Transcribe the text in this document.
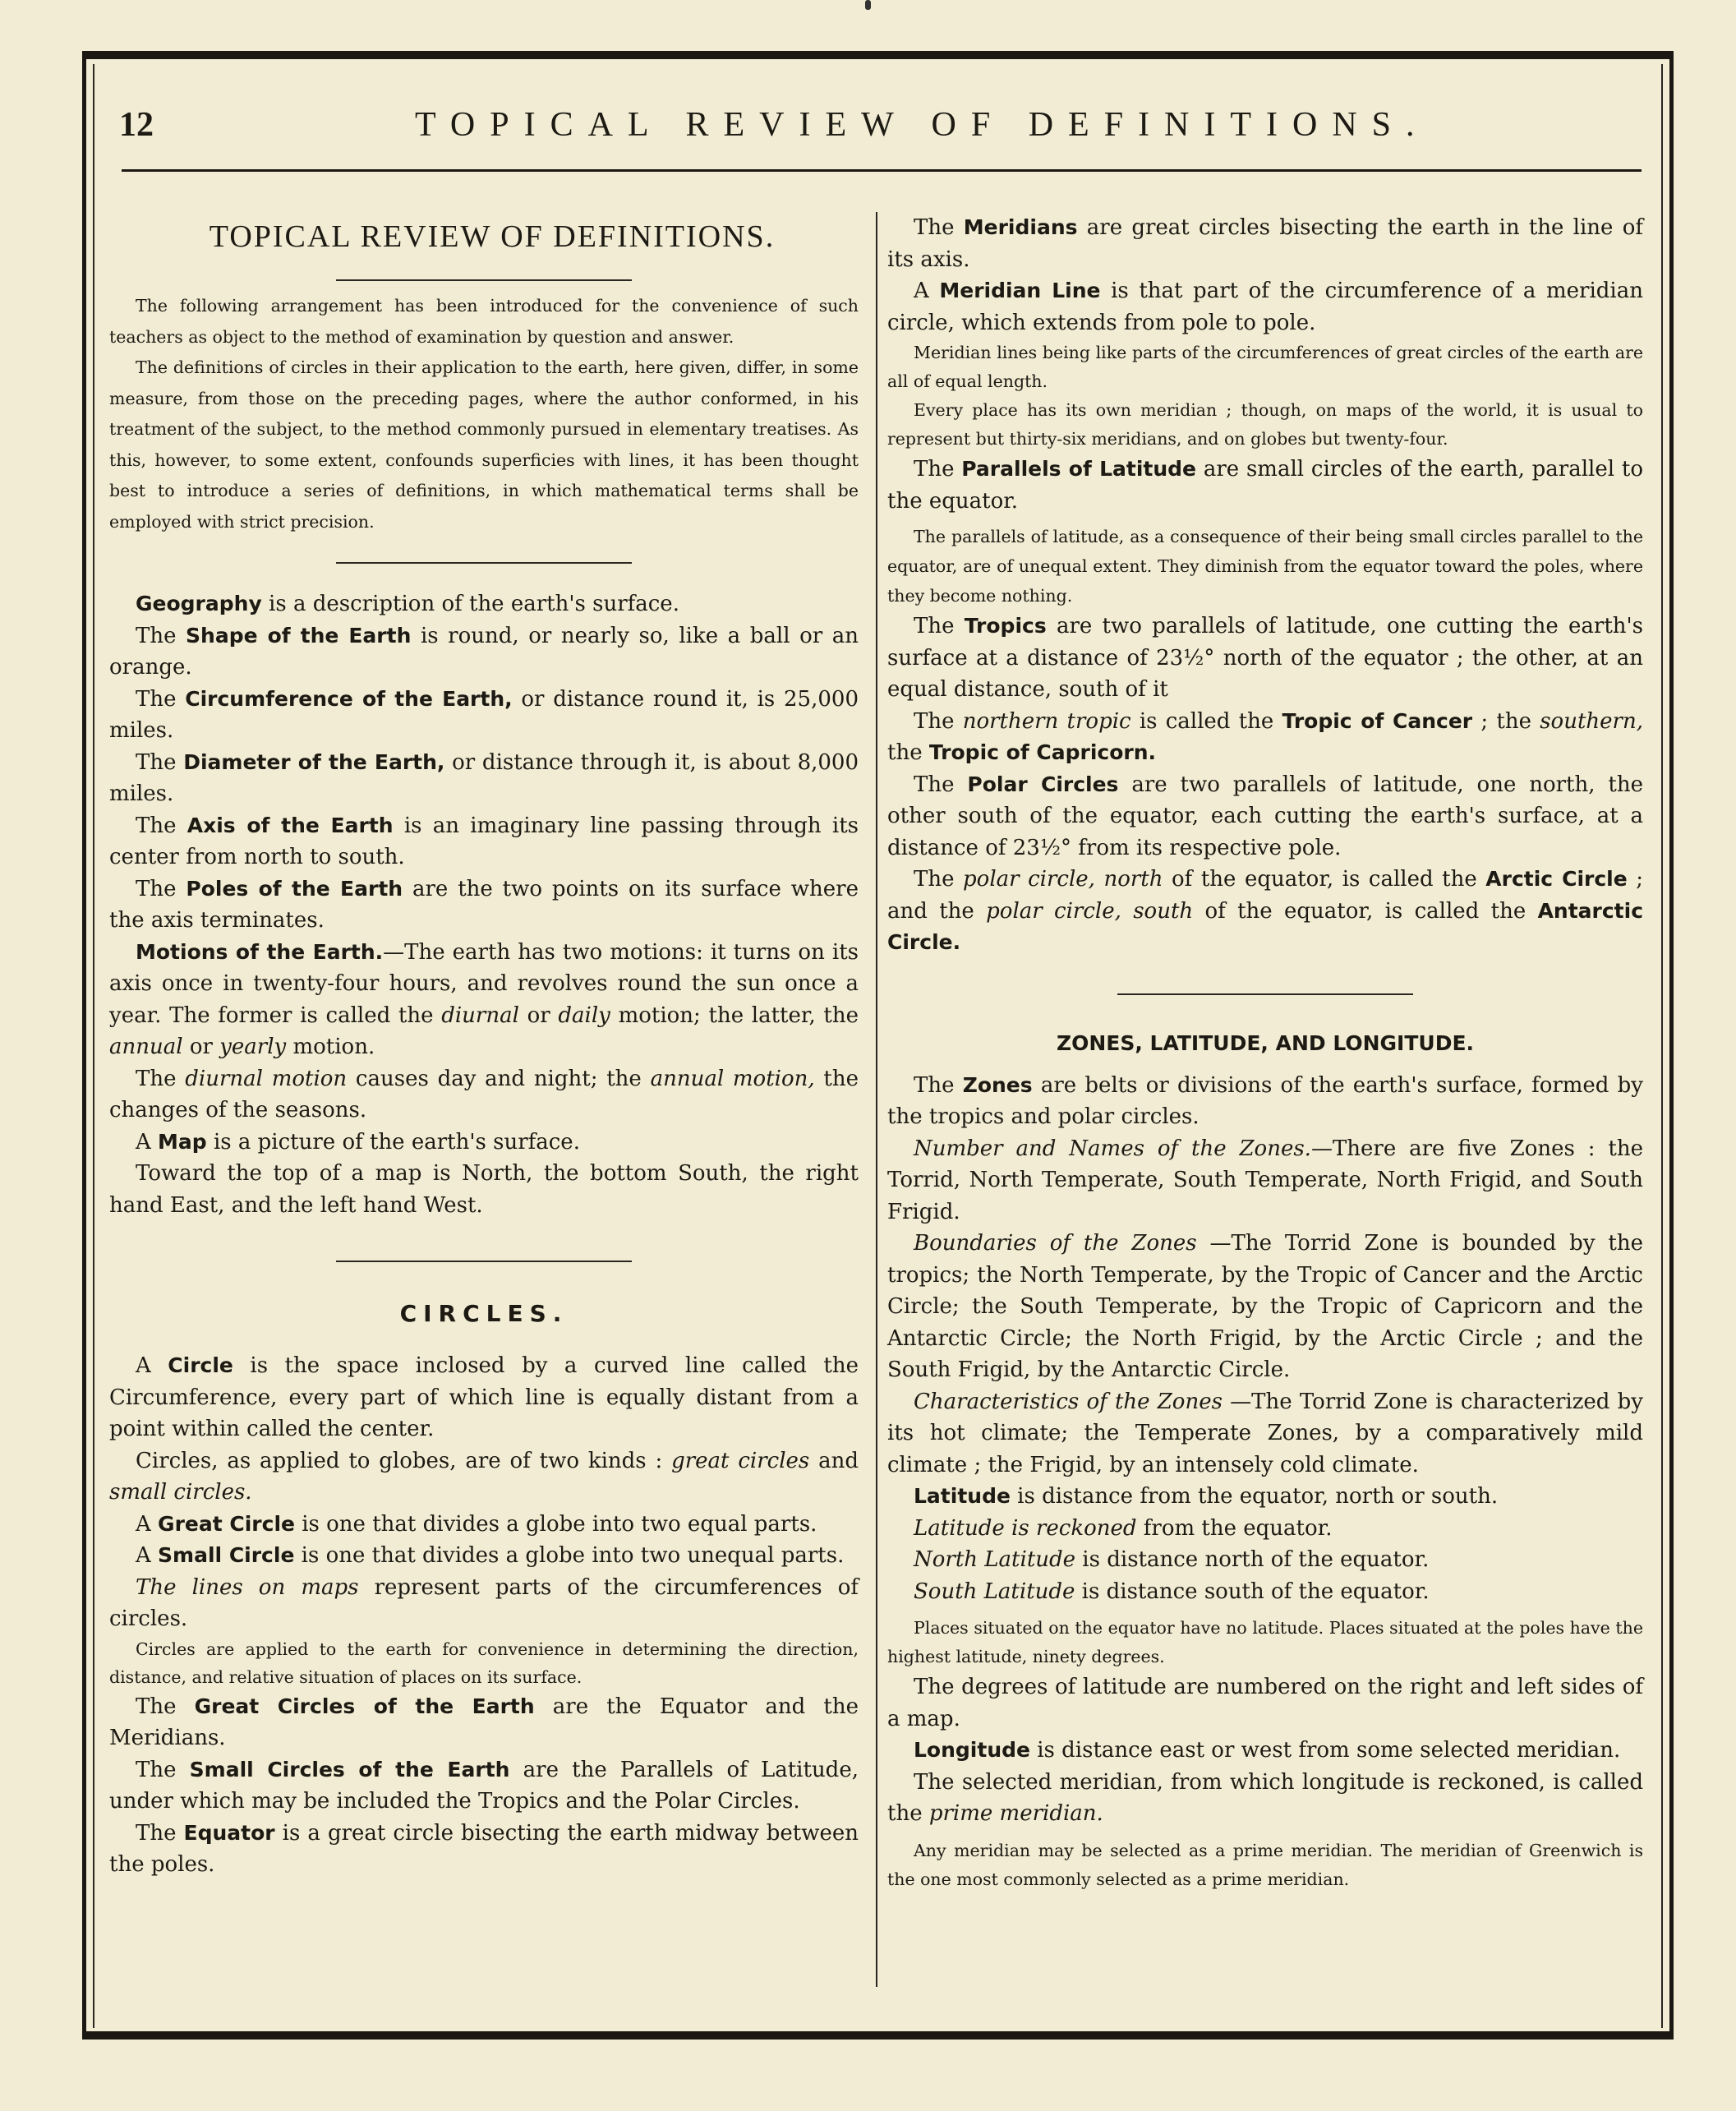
12	TOPICAL REVIEW OF DEFINITIONS.
TOPICAL REVIEW OF DEFINITIONS.

The following arrangement has been introduced for the convenience of such teachers as object to the method of examination by question and answer.

The definitions of circles in their application to the earth, here given, differ, in some measure, from those on the preceding pages, where the author conformed, in his treatment of the subject, to the method commonly pursued in elementary treatises. As this, however, to some extent, confounds superficies with lines, it has been thought best to introduce a series of definitions, in which mathematical terms shall be employed with strict precision.

Geography is a description of the earth's surface.

The Shape of the Earth is round, or nearly so, like a ball or an orange.

The Circumference of the Earth, or distance round it, is 25,000 miles.

The Diameter of the Earth, or distance through it, is about 8,000 miles.

The Axis of the Earth is an imaginary line passing through its center from north to south.

The Poles of the Earth are the two points on its surface where the axis terminates.

Motions of the Earth.—The earth has two motions: it turns on its axis once in twenty-four hours, and revolves round the sun once a year. The former is called the diurnal or daily motion; the latter, the annual or yearly motion.

The diurnal motion causes day and night; the annual motion, the changes of the seasons.

A Map is a picture of the earth's surface.

Toward the top of a map is North, the bottom South, the right hand East, and the left hand West.

CIRCLES.

A Circle is the space inclosed by a curved line called the Circumference, every part of which line is equally distant from a point within called the center.

Circles, as applied to globes, are of two kinds : great circles and small circles.

A Great Circle is one that divides a globe into two equal parts.

A Small Circle is one that divides a globe into two unequal parts.

The lines on maps represent parts of the circumferences of circles.

Circles are applied to the earth for convenience in determining the direction, distance, and relative situation of places on its surface.

The Great Circles of the Earth are the Equator and the Meridians.

The Small Circles of the Earth are the Parallels of Latitude, under which may be included the Tropics and the Polar Circles.

The Equator is a great circle bisecting the earth midway between the poles.

The Meridians are great circles bisecting the earth in the line of its axis.

A Meridian Line is that part of the circumference of a meridian circle, which extends from pole to pole.

Meridian lines being like parts of the circumferences of great circles of the earth are all of equal length.

Every place has its own meridian ; though, on maps of the world, it is usual to represent but thirty-six meridians, and on globes but twenty-four.

The Parallels of Latitude are small circles of the earth, parallel to the equator.

The parallels of latitude, as a consequence of their being small circles parallel to the equator, are of unequal extent. They diminish from the equator toward the poles, where they become nothing.

The Tropics are two parallels of latitude, one cutting the earth's surface at a distance of 23½° north of the equator ; the other, at an equal distance, south of it

The northern tropic is called the Tropic of Cancer ; the southern, the Tropic of Capricorn.

The Polar Circles are two parallels of latitude, one north, the other south of the equator, each cutting the earth's surface, at a distance of 23½° from its respective pole.

The polar circle, north of the equator, is called the Arctic Circle ; and the polar circle, south of the equator, is called the Antarctic Circle.

ZONES, LATITUDE, AND LONGITUDE.

The Zones are belts or divisions of the earth's surface, formed by the tropics and polar circles.

Number and Names of the Zones.—There are five Zones : the Torrid, North Temperate, South Temperate, North Frigid, and South Frigid.

Boundaries of the Zones —The Torrid Zone is bounded by the tropics; the North Temperate, by the Tropic of Cancer and the Arctic Circle; the South Temperate, by the Tropic of Capricorn and the Antarctic Circle; the North Frigid, by the Arctic Circle ; and the South Frigid, by the Antarctic Circle.

Characteristics of the Zones —The Torrid Zone is characterized by its hot climate; the Temperate Zones, by a comparatively mild climate ; the Frigid, by an intensely cold climate.

Latitude is distance from the equator, north or south.

Latitude is reckoned from the equator.

North Latitude is distance north of the equator.

South Latitude is distance south of the equator.

Places situated on the equator have no latitude. Places situated at the poles have the highest latitude, ninety degrees.

The degrees of latitude are numbered on the right and left sides of a map.

Longitude is distance east or west from some selected meridian.

The selected meridian, from which longitude is reckoned, is called the prime meridian.

Any meridian may be selected as a prime meridian. The meridian of Greenwich is the one most commonly selected as a prime meridian.
